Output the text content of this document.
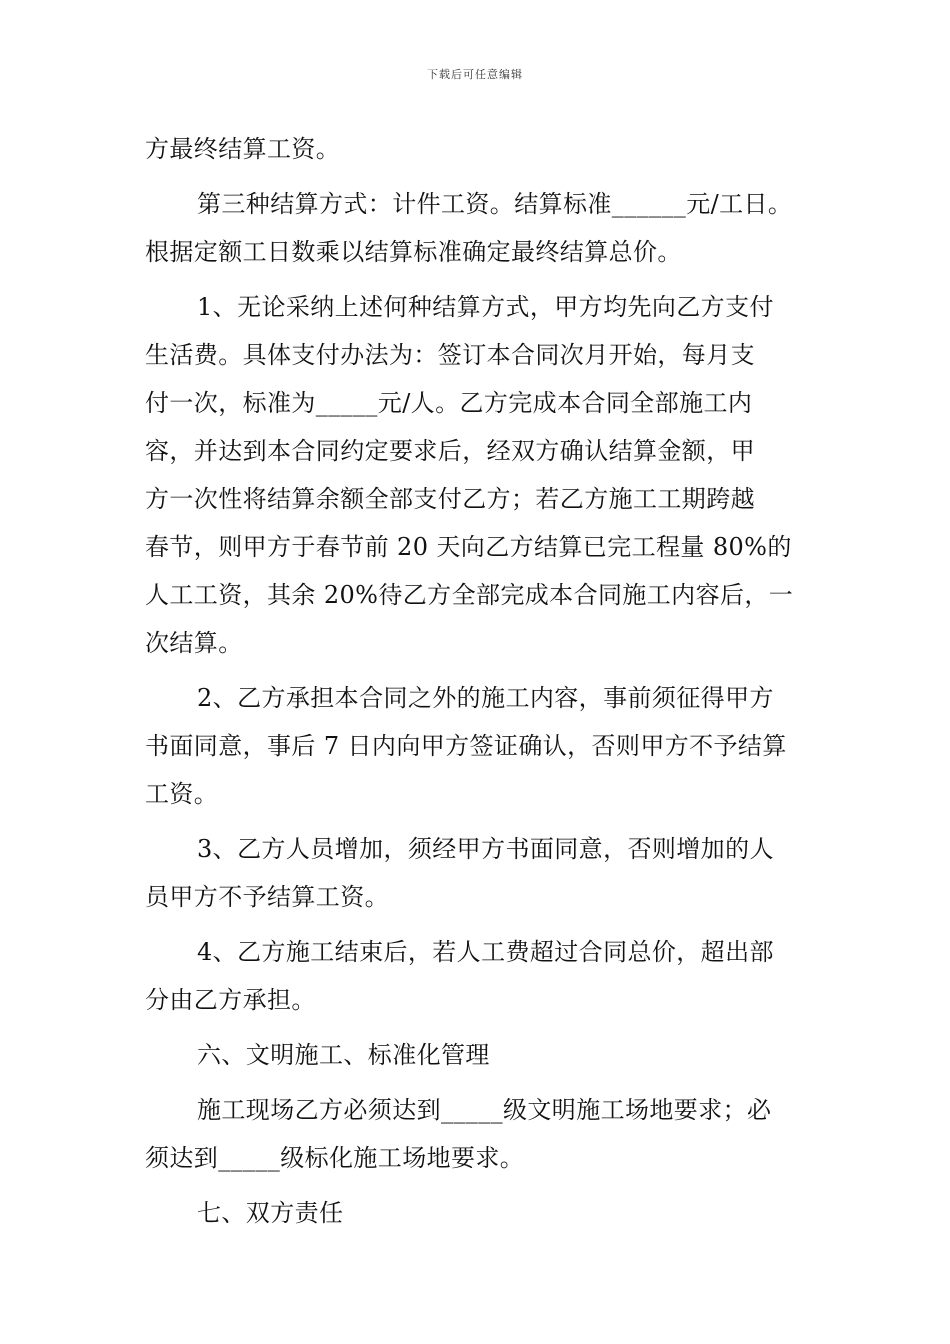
下载后可任意编辑
方最终结算工资。
第三种结算方式：计件工资。结算标准______元/工日。
根据定额工日数乘以结算标准确定最终结算总价。
1、无论采纳上述何种结算方式，甲方均先向乙方支付
生活费。具体支付办法为：签订本合同次月开始，每月支
付一次，标准为_____元/人。乙方完成本合同全部施工内
容，并达到本合同约定要求后，经双方确认结算金额，甲
方一次性将结算余额全部支付乙方；若乙方施工工期跨越
春节，则甲方于春节前 20 天向乙方结算已完工程量 80%的
人工工资，其余 20%待乙方全部完成本合同施工内容后，一
次结算。
2、乙方承担本合同之外的施工内容，事前须征得甲方
书面同意，事后 7 日内向甲方签证确认，否则甲方不予结算
工资。
3、乙方人员增加，须经甲方书面同意，否则增加的人
员甲方不予结算工资。
4、乙方施工结束后，若人工费超过合同总价，超出部
分由乙方承担。
六、文明施工、标准化管理
施工现场乙方必须达到_____级文明施工场地要求；必
须达到_____级标化施工场地要求。
七、双方责任
